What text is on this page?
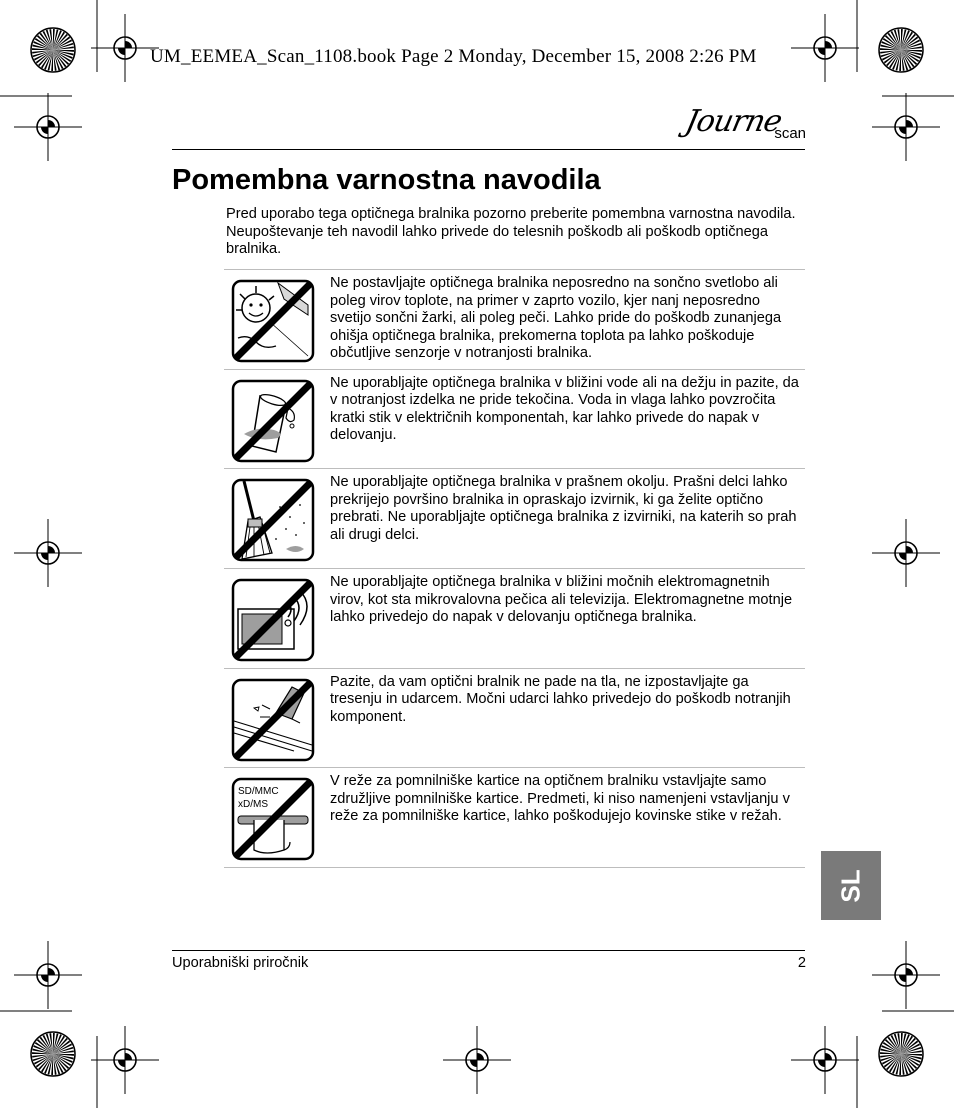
UM_EEMEA_Scan_1108.book Page 2 Monday, December 15, 2008 2:26 PM
Journe
scan
Pomembna varnostna navodila

Pred uporabo tega optičnega bralnika pozorno preberite pomembna varnostna navodila. Neupoštevanje teh navodil lahko privede do telesnih poškodb ali poškodb optičnega bralnika.

Ne postavljajte optičnega bralnika neposredno na sončno svetlobo ali poleg virov toplote, na primer v zaprto vozilo, kjer nanj neposredno svetijo sončni žarki, ali poleg peči. Lahko pride do poškodb zunanjega ohišja optičnega bralnika, prekomerna toplota pa lahko poškoduje občutljive senzorje v notranjosti bralnika.

Ne uporabljajte optičnega bralnika v bližini vode ali na dežju in pazite, da v notranjost izdelka ne pride tekočina. Voda in vlaga lahko povzročita kratki stik v električnih komponentah, kar lahko privede do napak v delovanju.

Ne uporabljajte optičnega bralnika v prašnem okolju. Prašni delci lahko prekrijejo površino bralnika in opraskajo izvirnik, ki ga želite optično prebrati. Ne uporabljajte optičnega bralnika z izvirniki, na katerih so prah ali drugi delci.

Ne uporabljajte optičnega bralnika v bližini močnih elektromagnetnih virov, kot sta mikrovalovna pečica ali televizija. Elektromagnetne motnje lahko privedejo do napak v delovanju optičnega bralnika.

Pazite, da vam optični bralnik ne pade na tla, ne izpostavljajte ga tresenju in udarcem. Močni udarci lahko privedejo do poškodb notranjih komponent.

SD/MMC
xD/MS

V reže za pomnilniške kartice na optičnem bralniku vstavljajte samo združljive pomnilniške kartice. Predmeti, ki niso namenjeni vstavljanju v reže za pomnilniške kartice, lahko poškodujejo kovinske stike v režah.

SL
Uporabniški priročnik	2
